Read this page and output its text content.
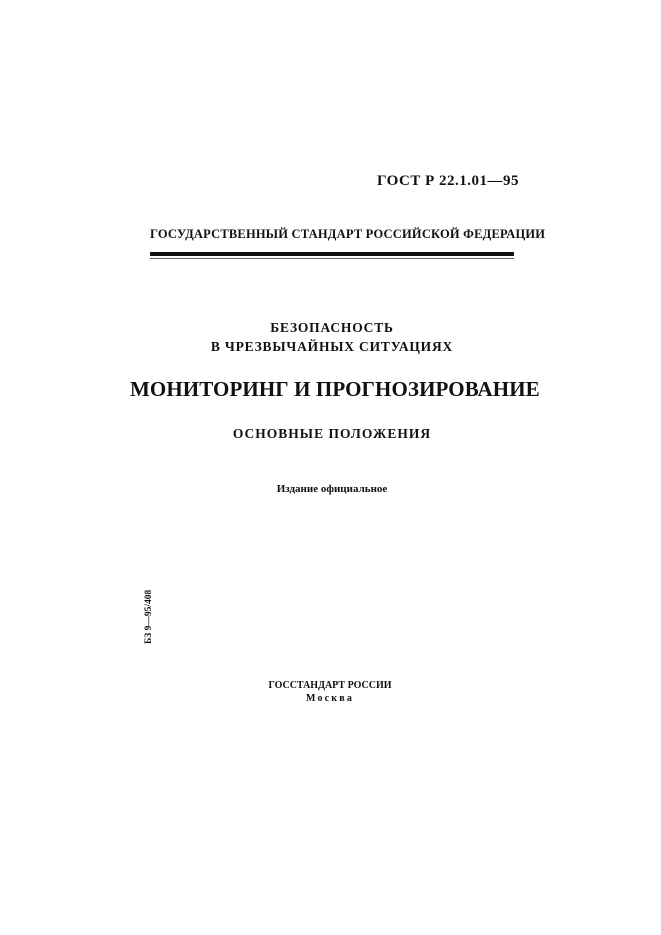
ГОСТ Р 22.1.01—95
ГОСУДАРСТВЕННЫЙ СТАНДАРТ РОССИЙСКОЙ ФЕДЕРАЦИИ
БЕЗОПАСНОСТЬ
В ЧРЕЗВЫЧАЙНЫХ СИТУАЦИЯХ
МОНИТОРИНГ И ПРОГНОЗИРОВАНИЕ
ОСНОВНЫЕ ПОЛОЖЕНИЯ
Издание официальное
БЗ 9—95/408
ГОССТАНДАРТ РОССИИ
Москва
